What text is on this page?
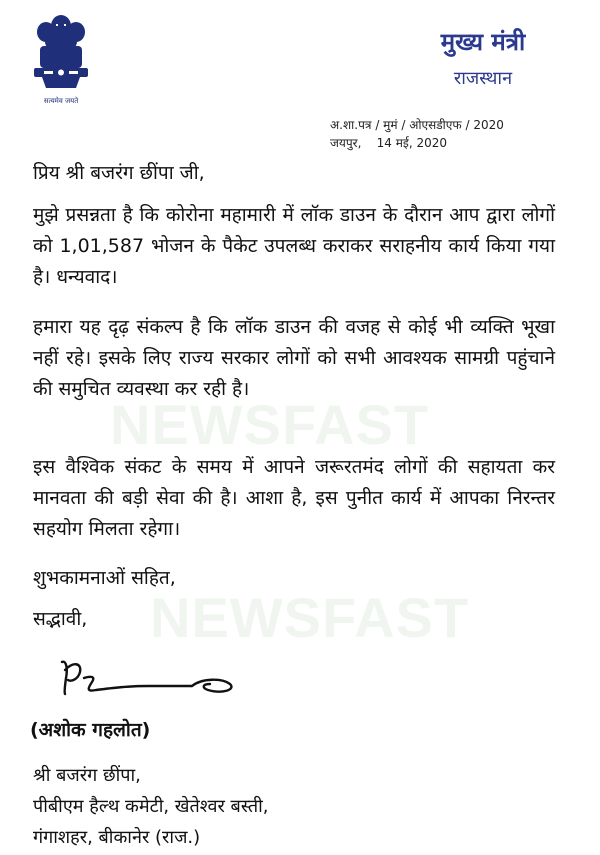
सत्यमेव जयते
मुख्य मंत्री
राजस्थान
अ.शा.पत्र / मुमं / ओएसडीएफ / 2020
जयपुर,    14 मई, 2020
NEWSFAST
NEWSFAST
प्रिय श्री बजरंग छींपा जी,
मुझे प्रसन्नता है कि कोरोना महामारी में लॉक डाउन के दौरान आप द्वारा लोगों को 1,01,587 भोजन के पैकेट उपलब्ध कराकर सराहनीय कार्य किया गया है। धन्यवाद।
हमारा यह दृढ़ संकल्प है कि लॉक डाउन की वजह से कोई भी व्यक्ति भूखा नहीं रहे। इसके लिए राज्य सरकार लोगों को सभी आवश्यक सामग्री पहुंचाने की समुचित व्यवस्था कर रही है।
इस वैश्विक संकट के समय में आपने जरूरतमंद लोगों की सहायता कर मानवता की बड़ी सेवा की है। आशा है, इस पुनीत कार्य में आपका निरन्तर सहयोग मिलता रहेगा।
शुभकामनाओं सहित,
सद्भावी,
(अशोक गहलोत)
श्री बजरंग छींपा,
पीबीएम हैल्थ कमेटी, खेतेश्वर बस्ती,
गंगाशहर, बीकानेर (राज.)
